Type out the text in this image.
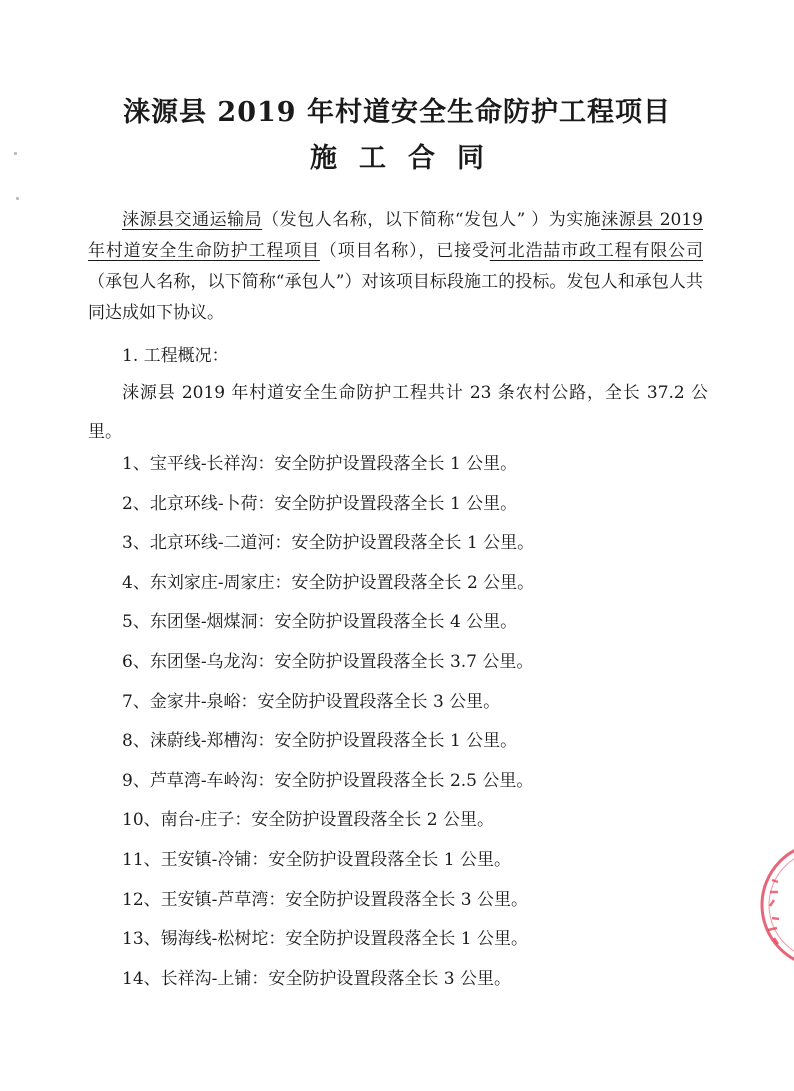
涞源县 2019 年村道安全生命防护工程项目
施工合同
涞源县交通运输局（发包人名称，以下简称“发包人” ）为实施涞源县 2019 年村道安全生命防护工程项目（项目名称），已接受河北浩喆市政工程有限公司（承包人名称，以下简称“承包人”）对该项目标段施工的投标。发包人和承包人共同达成如下协议。
1. 工程概况：
涞源县 2019 年村道安全生命防护工程共计 23 条农村公路，全长 37.2 公里。
1、宝平线-长祥沟：安全防护设置段落全长 1 公里。
2、北京环线-卜荷：安全防护设置段落全长 1 公里。
3、北京环线-二道河：安全防护设置段落全长 1 公里。
4、东刘家庄-周家庄：安全防护设置段落全长 2 公里。
5、东团堡-烟煤洞：安全防护设置段落全长 4 公里。
6、东团堡-乌龙沟：安全防护设置段落全长 3.7 公里。
7、金家井-泉峪：安全防护设置段落全长 3 公里。
8、涞蔚线-郑槽沟：安全防护设置段落全长 1 公里。
9、芦草湾-车岭沟：安全防护设置段落全长 2.5 公里。
10、南台-庄子：安全防护设置段落全长 2 公里。
11、王安镇-冷铺：安全防护设置段落全长 1 公里。
12、王安镇-芦草湾：安全防护设置段落全长 3 公里。
13、锡海线-松树坨：安全防护设置段落全长 1 公里。
14、长祥沟-上铺：安全防护设置段落全长 3 公里。
